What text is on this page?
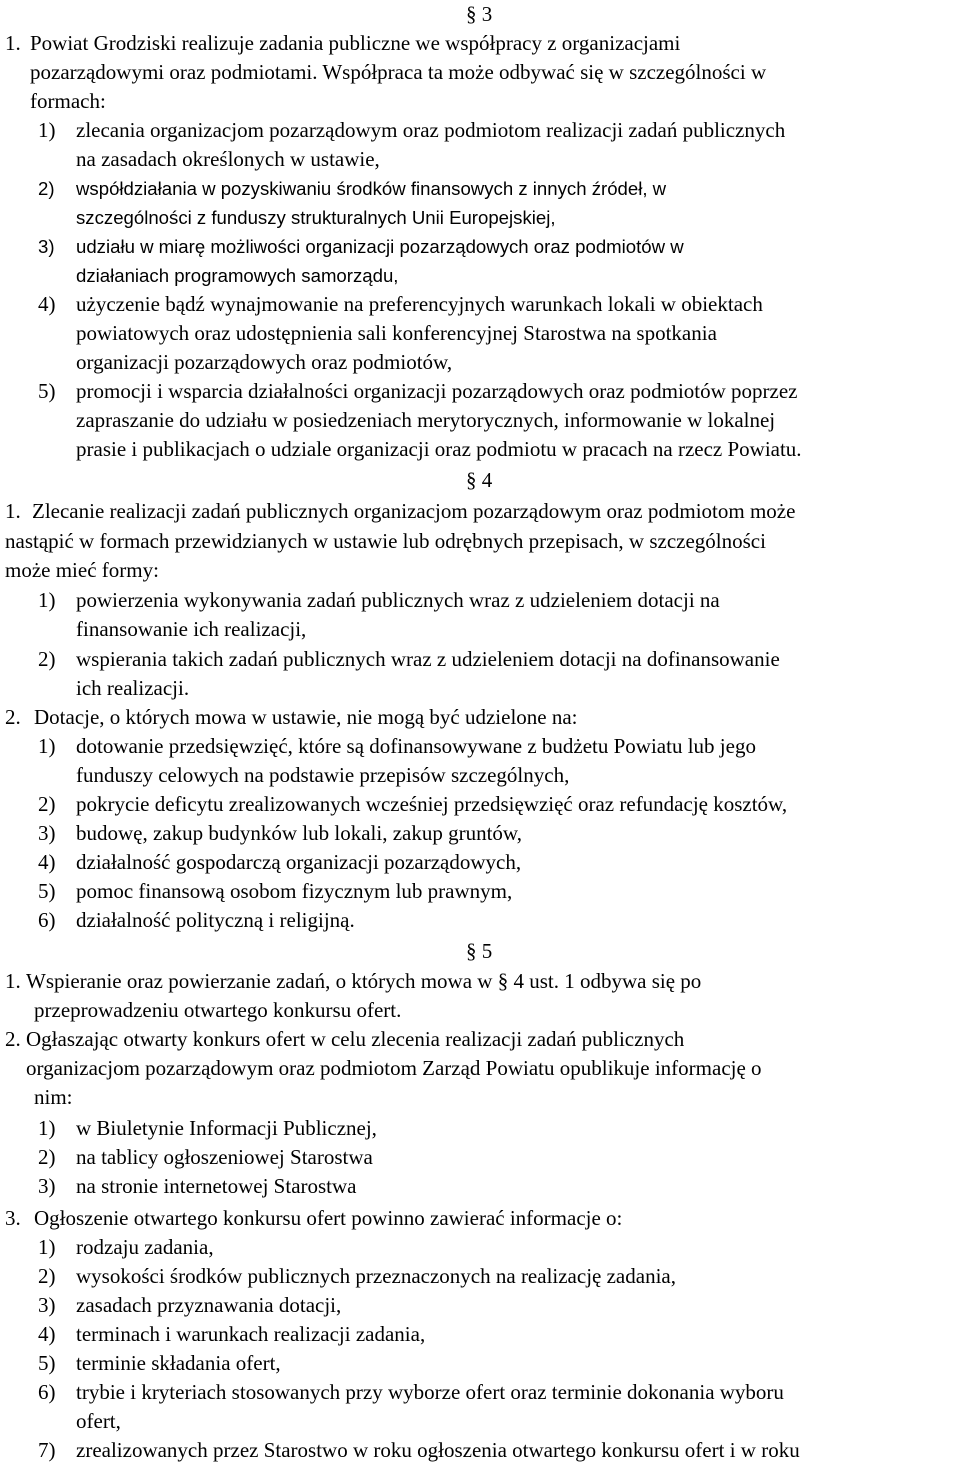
§ 3
1. Powiat Grodziski realizuje zadania publiczne we współpracy z organizacjami
pozarządowymi oraz podmiotami. Współpraca ta może odbywać się w szczególności w
formach:
1) zlecania organizacjom pozarządowym oraz podmiotom realizacji zadań publicznych
na zasadach określonych w ustawie,
2) współdziałania w pozyskiwaniu środków finansowych z innych źródeł, w
szczególności z funduszy strukturalnych Unii Europejskiej,
3) udziału w miarę możliwości organizacji pozarządowych oraz podmiotów w
działaniach programowych samorządu,
4) użyczenie bądź wynajmowanie na preferencyjnych warunkach lokali w obiektach
powiatowych oraz udostępnienia sali konferencyjnej Starostwa na spotkania
organizacji pozarządowych oraz podmiotów,
5) promocji i wsparcia działalności organizacji pozarządowych oraz podmiotów poprzez
zapraszanie do udziału w posiedzeniach merytorycznych, informowanie w lokalnej
prasie i publikacjach o udziale organizacji oraz podmiotu w pracach na rzecz Powiatu.
§ 4
1. Zlecanie realizacji zadań publicznych organizacjom pozarządowym oraz podmiotom może
nastąpić w formach przewidzianych w ustawie lub odrębnych przepisach, w szczególności
może mieć formy:
1) powierzenia wykonywania zadań publicznych wraz z udzieleniem dotacji na
finansowanie ich realizacji,
2) wspierania takich zadań publicznych wraz z udzieleniem dotacji na dofinansowanie
ich realizacji.
2. Dotacje, o których mowa w ustawie, nie mogą być udzielone na:
1) dotowanie przedsięwzięć, które są dofinansowywane z budżetu Powiatu lub jego
funduszy celowych na podstawie przepisów szczególnych,
2) pokrycie deficytu zrealizowanych wcześniej przedsięwzięć oraz refundację kosztów,
3) budowę, zakup budynków lub lokali, zakup gruntów,
4) działalność gospodarczą organizacji pozarządowych,
5) pomoc finansową osobom fizycznym lub prawnym,
6) działalność polityczną i religijną.
§ 5
1. Wspieranie oraz powierzanie zadań, o których mowa w § 4 ust. 1 odbywa się po
przeprowadzeniu otwartego konkursu ofert.
2. Ogłaszając otwarty konkurs ofert w celu zlecenia realizacji zadań publicznych
organizacjom pozarządowym oraz podmiotom Zarząd Powiatu opublikuje informację o
nim:
1) w Biuletynie Informacji Publicznej,
2) na tablicy ogłoszeniowej Starostwa
3) na stronie internetowej Starostwa
3. Ogłoszenie otwartego konkursu ofert powinno zawierać informacje o:
1) rodzaju zadania,
2) wysokości środków publicznych przeznaczonych na realizację zadania,
3) zasadach przyznawania dotacji,
4) terminach i warunkach realizacji zadania,
5) terminie składania ofert,
6) trybie i kryteriach stosowanych przy wyborze ofert oraz terminie dokonania wyboru
ofert,
7) zrealizowanych przez Starostwo w roku ogłoszenia otwartego konkursu ofert i w roku
